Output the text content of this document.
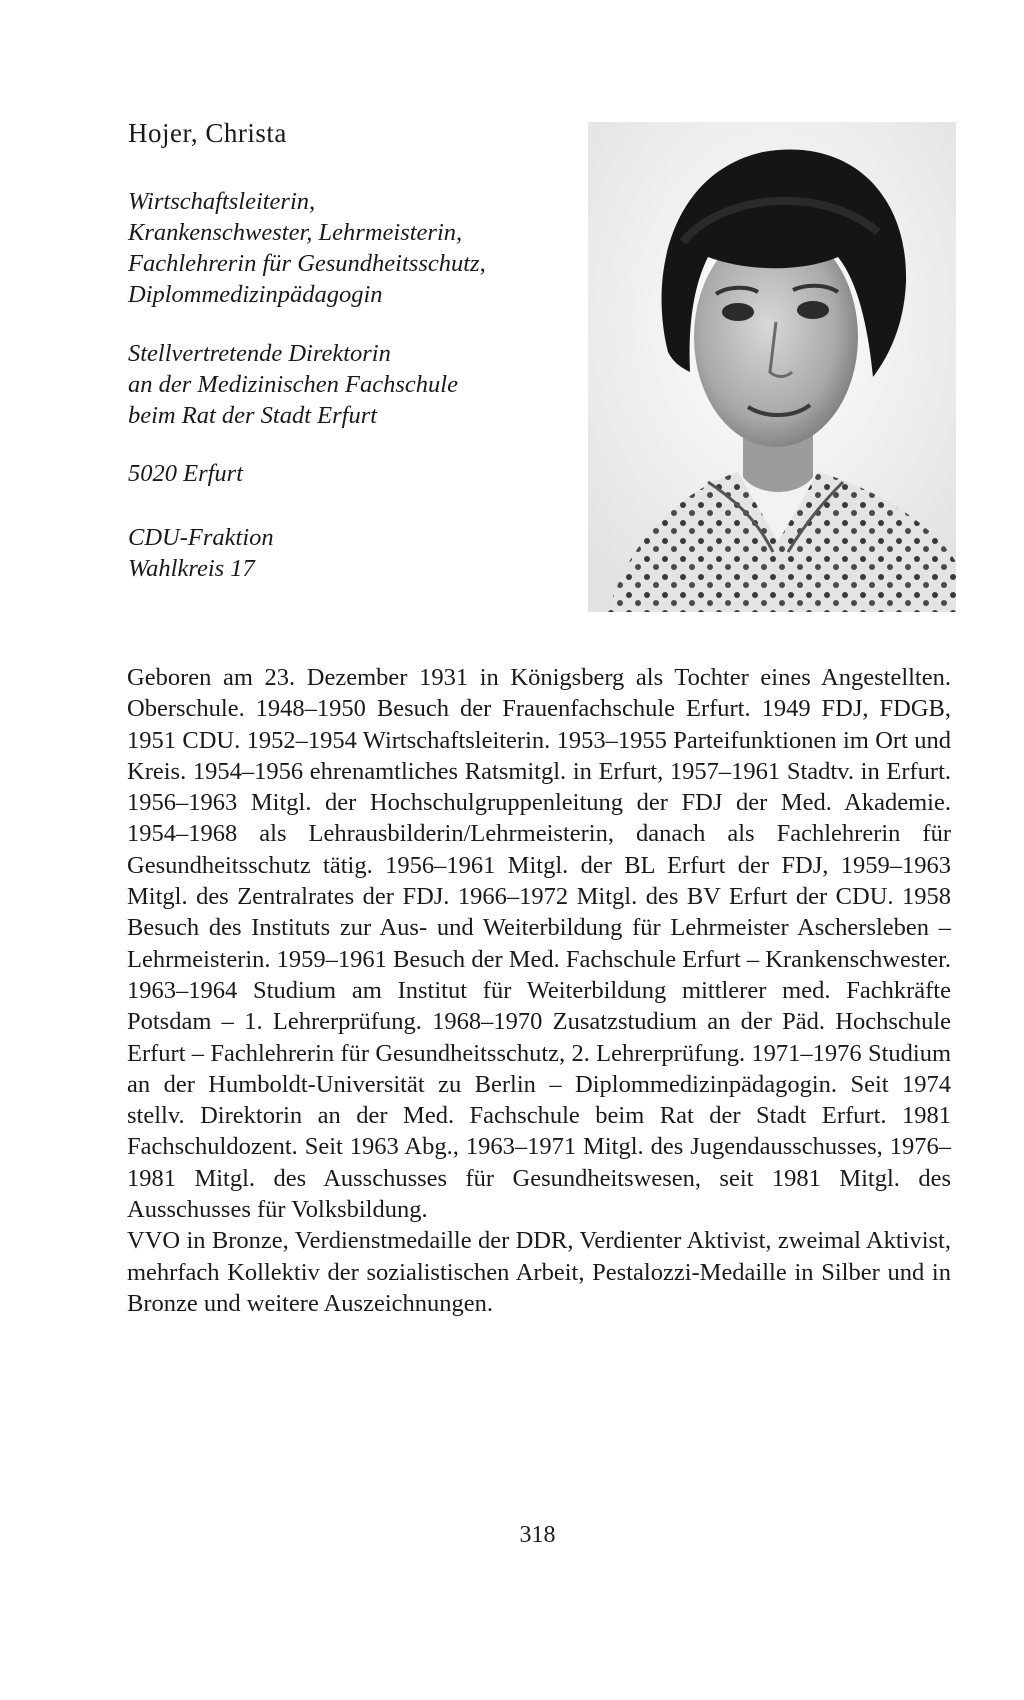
Hojer, Christa
Wirtschaftsleiterin,
Krankenschwester, Lehrmeisterin,
Fachlehrerin für Gesundheitsschutz,
Diplommedizinpädagogin
Stellvertretende Direktorin
an der Medizinischen Fachschule
beim Rat der Stadt Erfurt
5020 Erfurt
CDU-Fraktion
Wahlkreis 17

Geboren am 23. Dezember 1931 in Königsberg als Tochter eines Angestellten. Oberschule. 1948–1950 Besuch der Frauenfachschule Erfurt. 1949 FDJ, FDGB, 1951 CDU. 1952–1954 Wirtschaftsleiterin. 1953–1955 Parteifunktionen im Ort und Kreis. 1954–1956 ehrenamtliches Ratsmitgl. in Erfurt, 1957–1961 Stadtv. in Erfurt. 1956–1963 Mitgl. der Hochschulgruppenleitung der FDJ der Med. Akademie. 1954–1968 als Lehrausbilderin/Lehrmeisterin, danach als Fachlehrerin für Gesundheitsschutz tätig. 1956–1961 Mitgl. der BL Erfurt der FDJ, 1959–1963 Mitgl. des Zentralrates der FDJ. 1966–1972 Mitgl. des BV Erfurt der CDU. 1958 Besuch des Instituts zur Aus- und Weiterbildung für Lehrmeister Aschersleben – Lehrmeisterin. 1959–1961 Besuch der Med. Fachschule Erfurt – Krankenschwester. 1963–1964 Studium am Institut für Weiterbildung mittlerer med. Fachkräfte Potsdam – 1. Lehrerprüfung. 1968–1970 Zusatzstudium an der Päd. Hochschule Erfurt – Fachlehrerin für Gesundheitsschutz, 2. Lehrerprüfung. 1971–1976 Studium an der Humboldt-Universität zu Berlin – Diplommedizinpädagogin. Seit 1974 stellv. Direktorin an der Med. Fachschule beim Rat der Stadt Erfurt. 1981 Fachschuldozent. Seit 1963 Abg., 1963–1971 Mitgl. des Jugendausschusses, 1976–1981 Mitgl. des Ausschusses für Gesundheitswesen, seit 1981 Mitgl. des Ausschusses für Volksbildung.

VVO in Bronze, Verdienstmedaille der DDR, Verdienter Aktivist, zweimal Aktivist, mehrfach Kollektiv der sozialistischen Arbeit, Pestalozzi-Medaille in Silber und in Bronze und weitere Auszeichnungen.

318
